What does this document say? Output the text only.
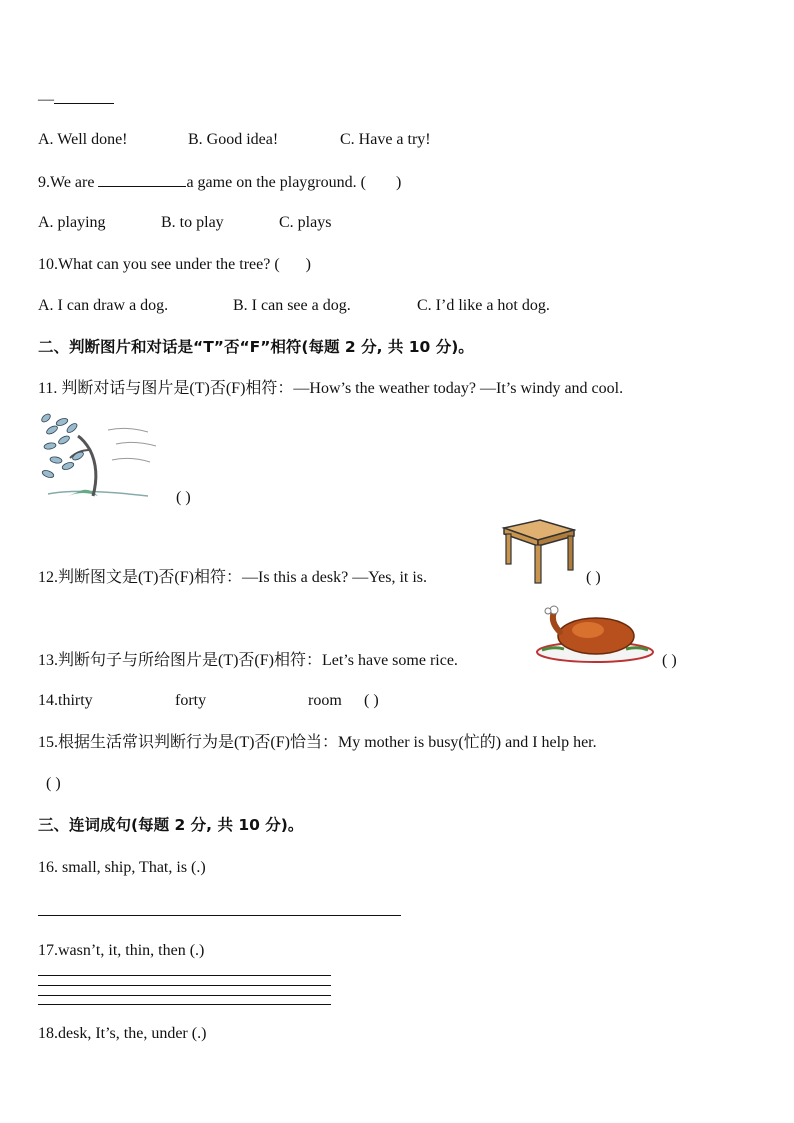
—
A. Well done!	B. Good idea!	C. Have a try!
9.We are	a game on the playground. ( )
A. playing	B. to play	C. plays
10.What can you see under the tree? ( )
A. I can draw a dog.	B. I can see a dog.	C. I’d like a hot dog.
二、判断图片和对话是“T”否“F”相符(每题 2 分, 共 10 分)。
11. 判断对话与图片是(T)否(F)相符：—How’s the weather today? —It’s windy and cool.
( )
12.判断图文是(T)否(F)相符：—Is this a desk? —Yes, it is.	( )
13.判断句子与所给图片是(T)否(F)相符：Let’s have some rice.	( )
14.thirty	forty	room ( )
15.根据生活常识判断行为是(T)否(F)恰当：My mother is busy(忙的) and I help her.
( )
三、连词成句(每题 2 分, 共 10 分)。
16. small, ship, That, is (.)
17.wasn’t, it, thin, then (.)
18.desk, It’s, the, under (.)
